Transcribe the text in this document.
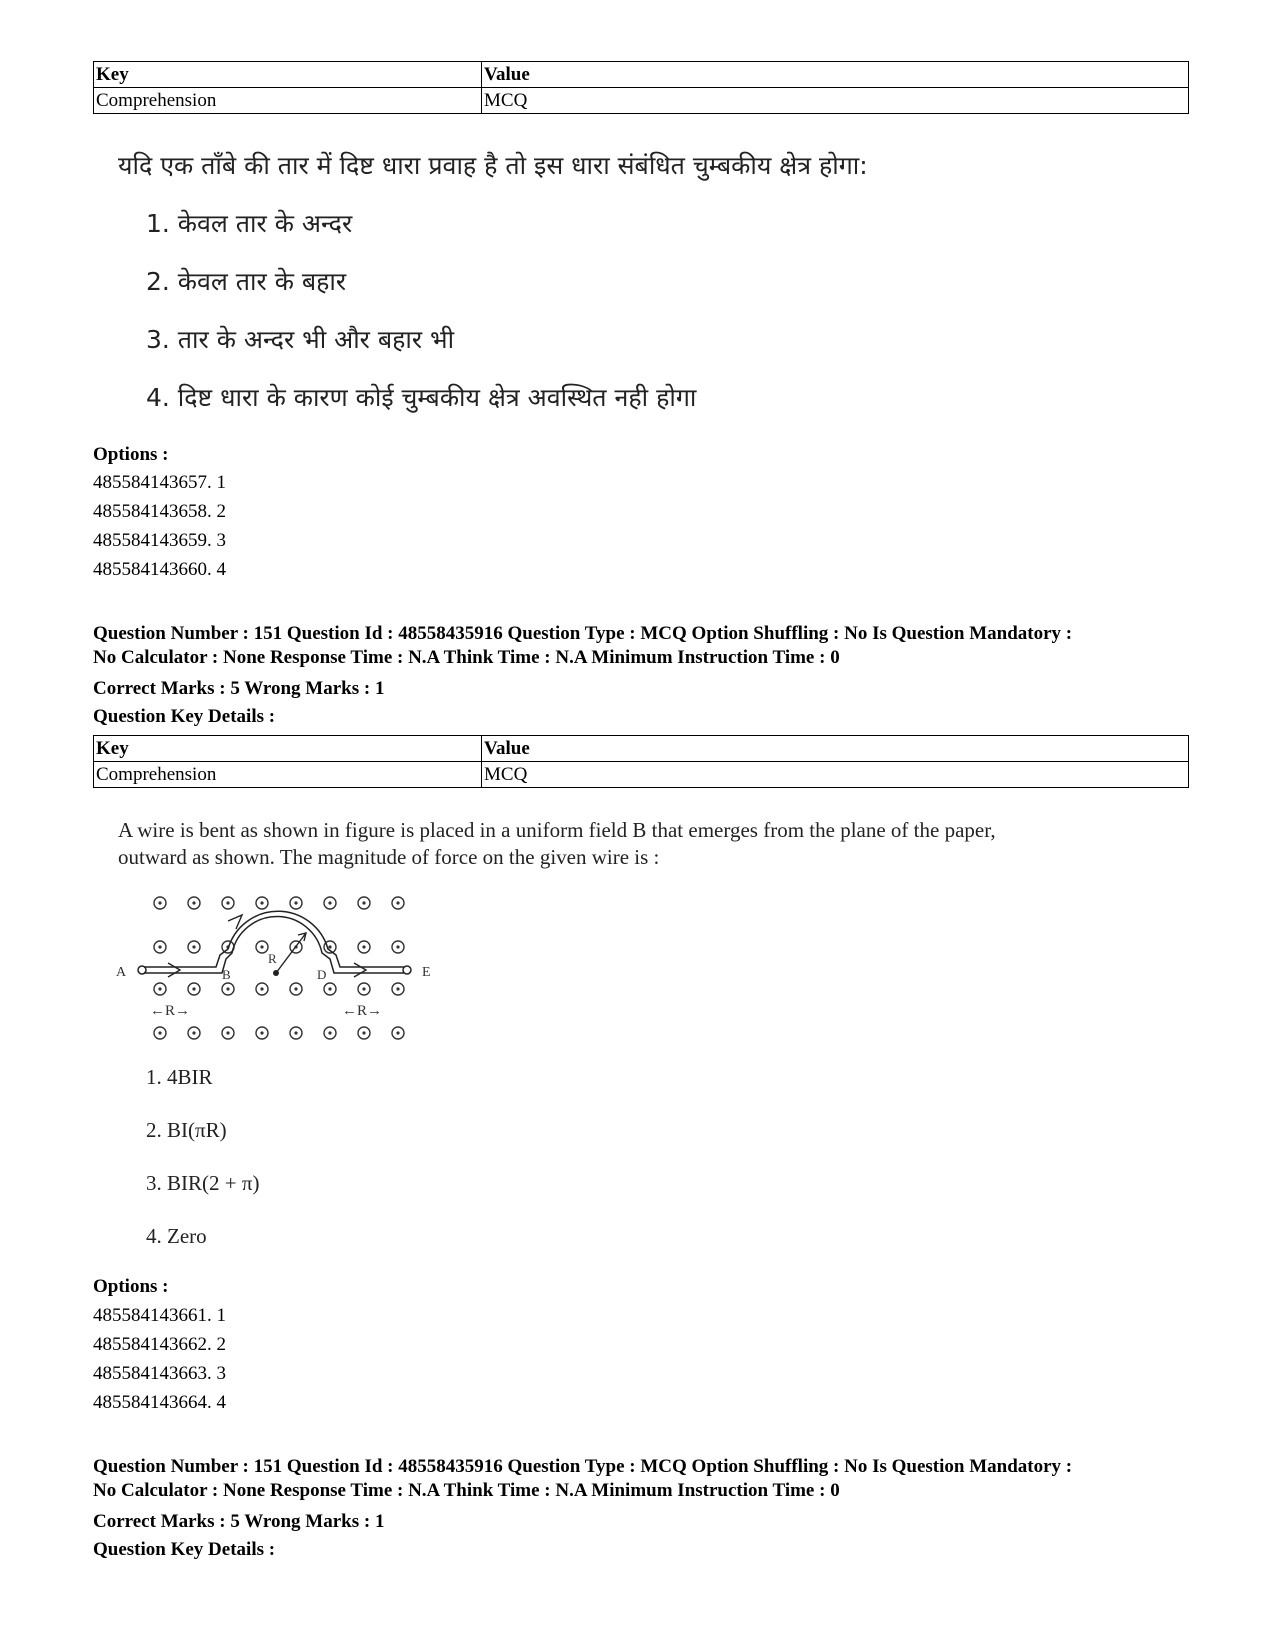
Key	Value
Comprehension	MCQ
यदि एक ताँबे की तार में दिष्ट धारा प्रवाह है तो इस धारा संबंधित चुम्बकीय क्षेत्र होगा:
1. केवल तार के अन्दर
2. केवल तार के बहार
3. तार के अन्दर भी और बहार भी
4. दिष्ट धारा के कारण कोई चुम्बकीय क्षेत्र अवस्थित नही होगा
Options :
485584143657. 1
485584143658. 2
485584143659. 3
485584143660. 4
Question Number : 151 Question Id : 48558435916 Question Type : MCQ Option Shuffling : No Is Question Mandatory :
No Calculator : None Response Time : N.A Think Time : N.A Minimum Instruction Time : 0
Correct Marks : 5 Wrong Marks : 1
Question Key Details :
Key	Value
Comprehension	MCQ
A wire is bent as shown in figure is placed in a uniform field B that emerges from the plane of the paper,
outward as shown. The magnitude of force on the given wire is :
A	B
R
D	E
←R→	←R→
1. 4BIR
2. BI(πR)
3. BIR(2 + π)
4. Zero
Options :
485584143661. 1
485584143662. 2
485584143663. 3
485584143664. 4
Question Number : 151 Question Id : 48558435916 Question Type : MCQ Option Shuffling : No Is Question Mandatory :
No Calculator : None Response Time : N.A Think Time : N.A Minimum Instruction Time : 0
Correct Marks : 5 Wrong Marks : 1
Question Key Details :
